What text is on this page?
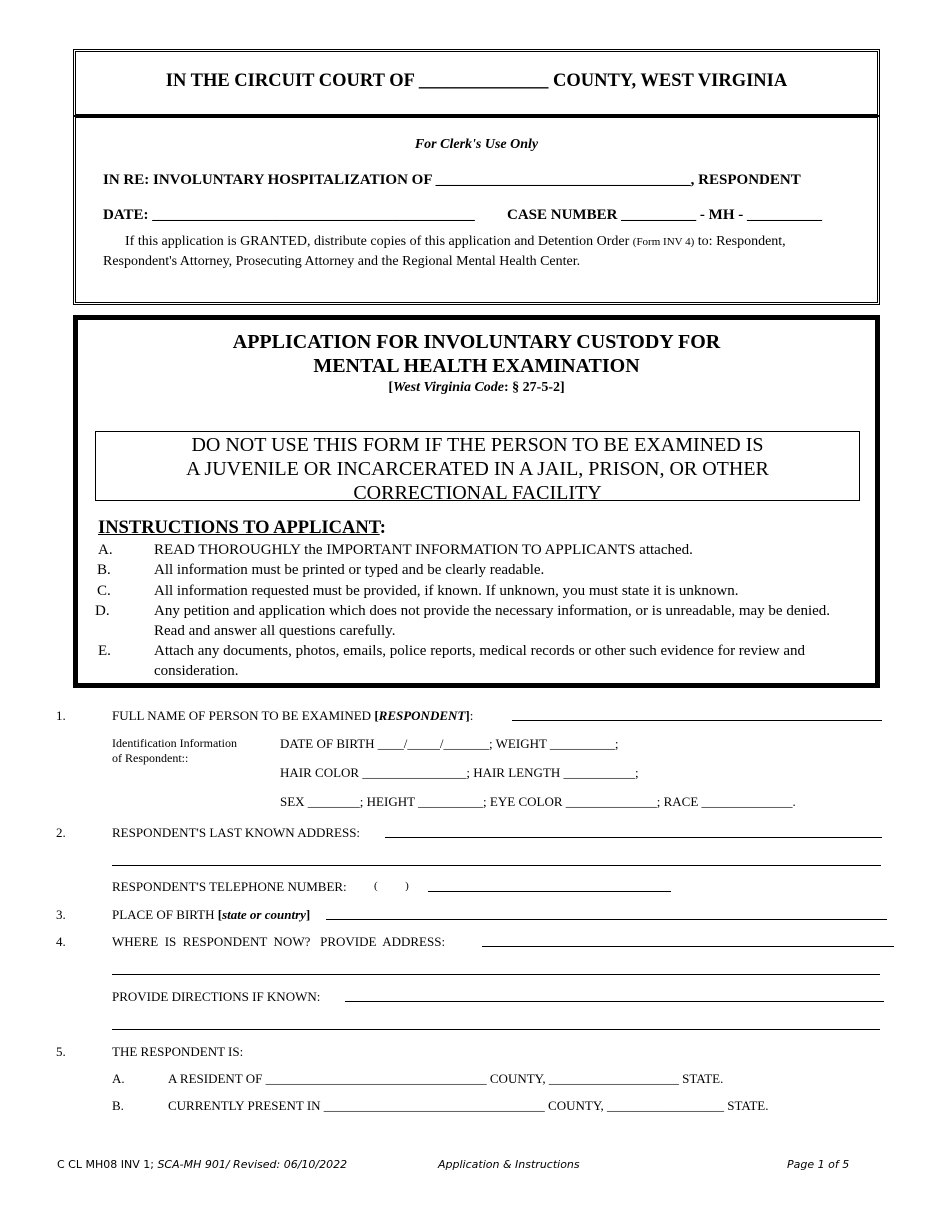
IN THE CIRCUIT COURT OF ______________ COUNTY, WEST VIRGINIA
For Clerk's Use Only
IN RE: INVOLUNTARY HOSPITALIZATION OF __________________________________, RESPONDENT
DATE: ___________________________________________ CASE NUMBER __________ - MH - __________
If this application is GRANTED, distribute copies of this application and Detention Order (Form INV 4) to: Respondent, Respondent's Attorney, Prosecuting Attorney and the Regional Mental Health Center.
APPLICATION FOR INVOLUNTARY CUSTODY FOR
MENTAL HEALTH EXAMINATION
[West Virginia Code: § 27-5-2]
DO NOT USE THIS FORM IF THE PERSON TO BE EXAMINED IS
A JUVENILE OR INCARCERATED IN A JAIL, PRISON, OR OTHER
CORRECTIONAL FACILITY
INSTRUCTIONS TO APPLICANT:
A.	READ THOROUGHLY the IMPORTANT INFORMATION TO APPLICANTS attached.
B.	All information must be printed or typed and be clearly readable.
C.	All information requested must be provided, if known. If unknown, you must state it is unknown.
D.	Any petition and application which does not provide the necessary information, or is unreadable, may be denied.
Read and answer all questions carefully.
E.	Attach any documents, photos, emails, police reports, medical records or other such evidence for review and
consideration.
1.	FULL NAME OF PERSON TO BE EXAMINED [RESPONDENT]:
Identification Information
of Respondent::
DATE OF BIRTH ____/_____/_______; WEIGHT __________;
HAIR COLOR ________________; HAIR LENGTH ___________;
SEX ________; HEIGHT __________; EYE COLOR ______________; RACE ______________.
2.	RESPONDENT'S LAST KNOWN ADDRESS:
RESPONDENT'S TELEPHONE NUMBER: (          )
3.	PLACE OF BIRTH [state or country]
4.	WHERE  IS  RESPONDENT  NOW?   PROVIDE  ADDRESS:
PROVIDE DIRECTIONS IF KNOWN:
5.	THE RESPONDENT IS:
A.	A RESIDENT OF __________________________________ COUNTY, ____________________ STATE.
B.	CURRENTLY PRESENT IN __________________________________ COUNTY, __________________ STATE.
C CL MH08 INV 1; SCA-MH 901/ Revised: 06/10/2022	Application & Instructions	Page 1 of 5
